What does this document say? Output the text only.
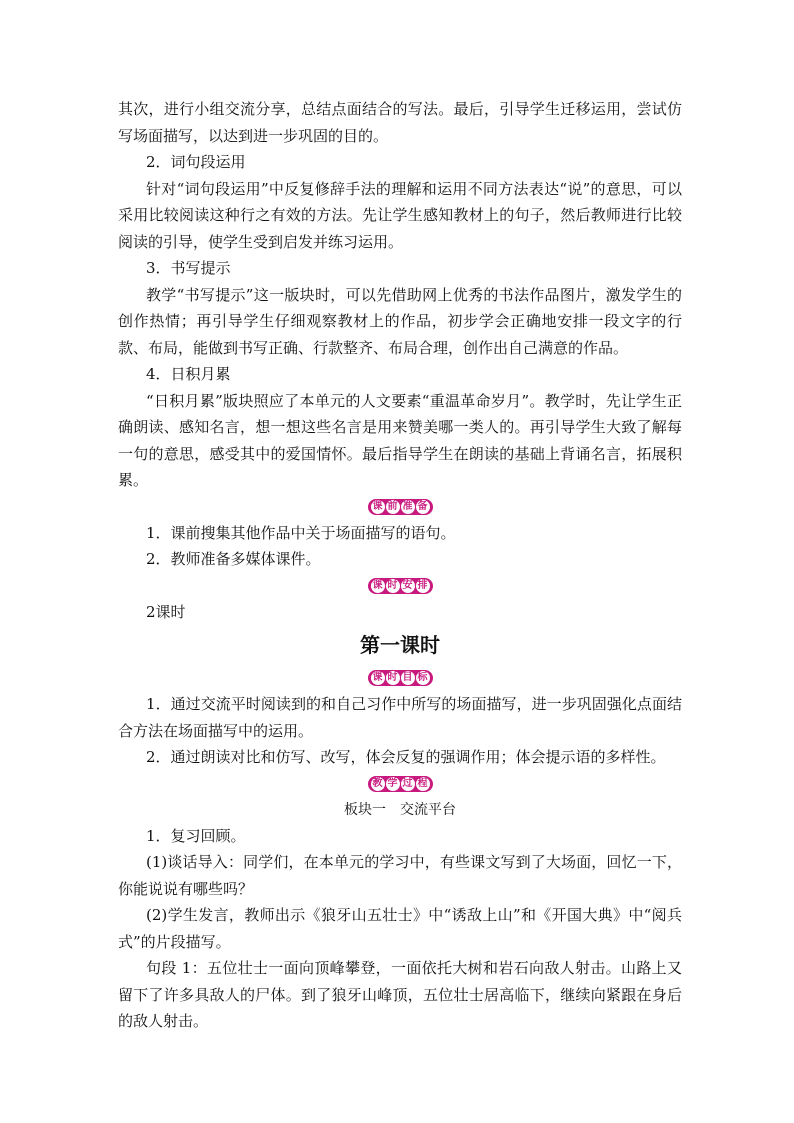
其次，进行小组交流分享，总结点面结合的写法。最后，引导学生迁移运用，尝试仿写场面描写，以达到进一步巩固的目的。

2．词句段运用

针对“词句段运用”中反复修辞手法的理解和运用不同方法表达“说”的意思，可以采用比较阅读这种行之有效的方法。先让学生感知教材上的句子，然后教师进行比较阅读的引导，使学生受到启发并练习运用。

3．书写提示

教学“书写提示”这一版块时，可以先借助网上优秀的书法作品图片，激发学生的创作热情；再引导学生仔细观察教材上的作品，初步学会正确地安排一段文字的行款、布局，能做到书写正确、行款整齐、布局合理，创作出自己满意的作品。

4．日积月累

“日积月累”版块照应了本单元的人文要素“重温革命岁月”。教学时，先让学生正确朗读、感知名言，想一想这些名言是用来赞美哪一类人的。再引导学生大致了解每一句的意思，感受其中的爱国情怀。最后指导学生在朗读的基础上背诵名言，拓展积累。

课 前 准 备

1．课前搜集其他作品中关于场面描写的语句。

2．教师准备多媒体课件。

课 时 安 排

2课时

第一课时

课 时 目 标

1．通过交流平时阅读到的和自己习作中所写的场面描写，进一步巩固强化点面结合方法在场面描写中的运用。

2．通过朗读对比和仿写、改写，体会反复的强调作用；体会提示语的多样性。

教 学 过 程

板块一　交流平台

1．复习回顾。

(1)谈话导入：同学们，在本单元的学习中，有些课文写到了大场面，回忆一下，你能说说有哪些吗？

(2)学生发言，教师出示《狼牙山五壮士》中“诱敌上山”和《开国大典》中“阅兵式”的片段描写。

句段 1：五位壮士一面向顶峰攀登，一面依托大树和岩石向敌人射击。山路上又留下了许多具敌人的尸体。到了狼牙山峰顶，五位壮士居高临下，继续向紧跟在身后的敌人射击。
